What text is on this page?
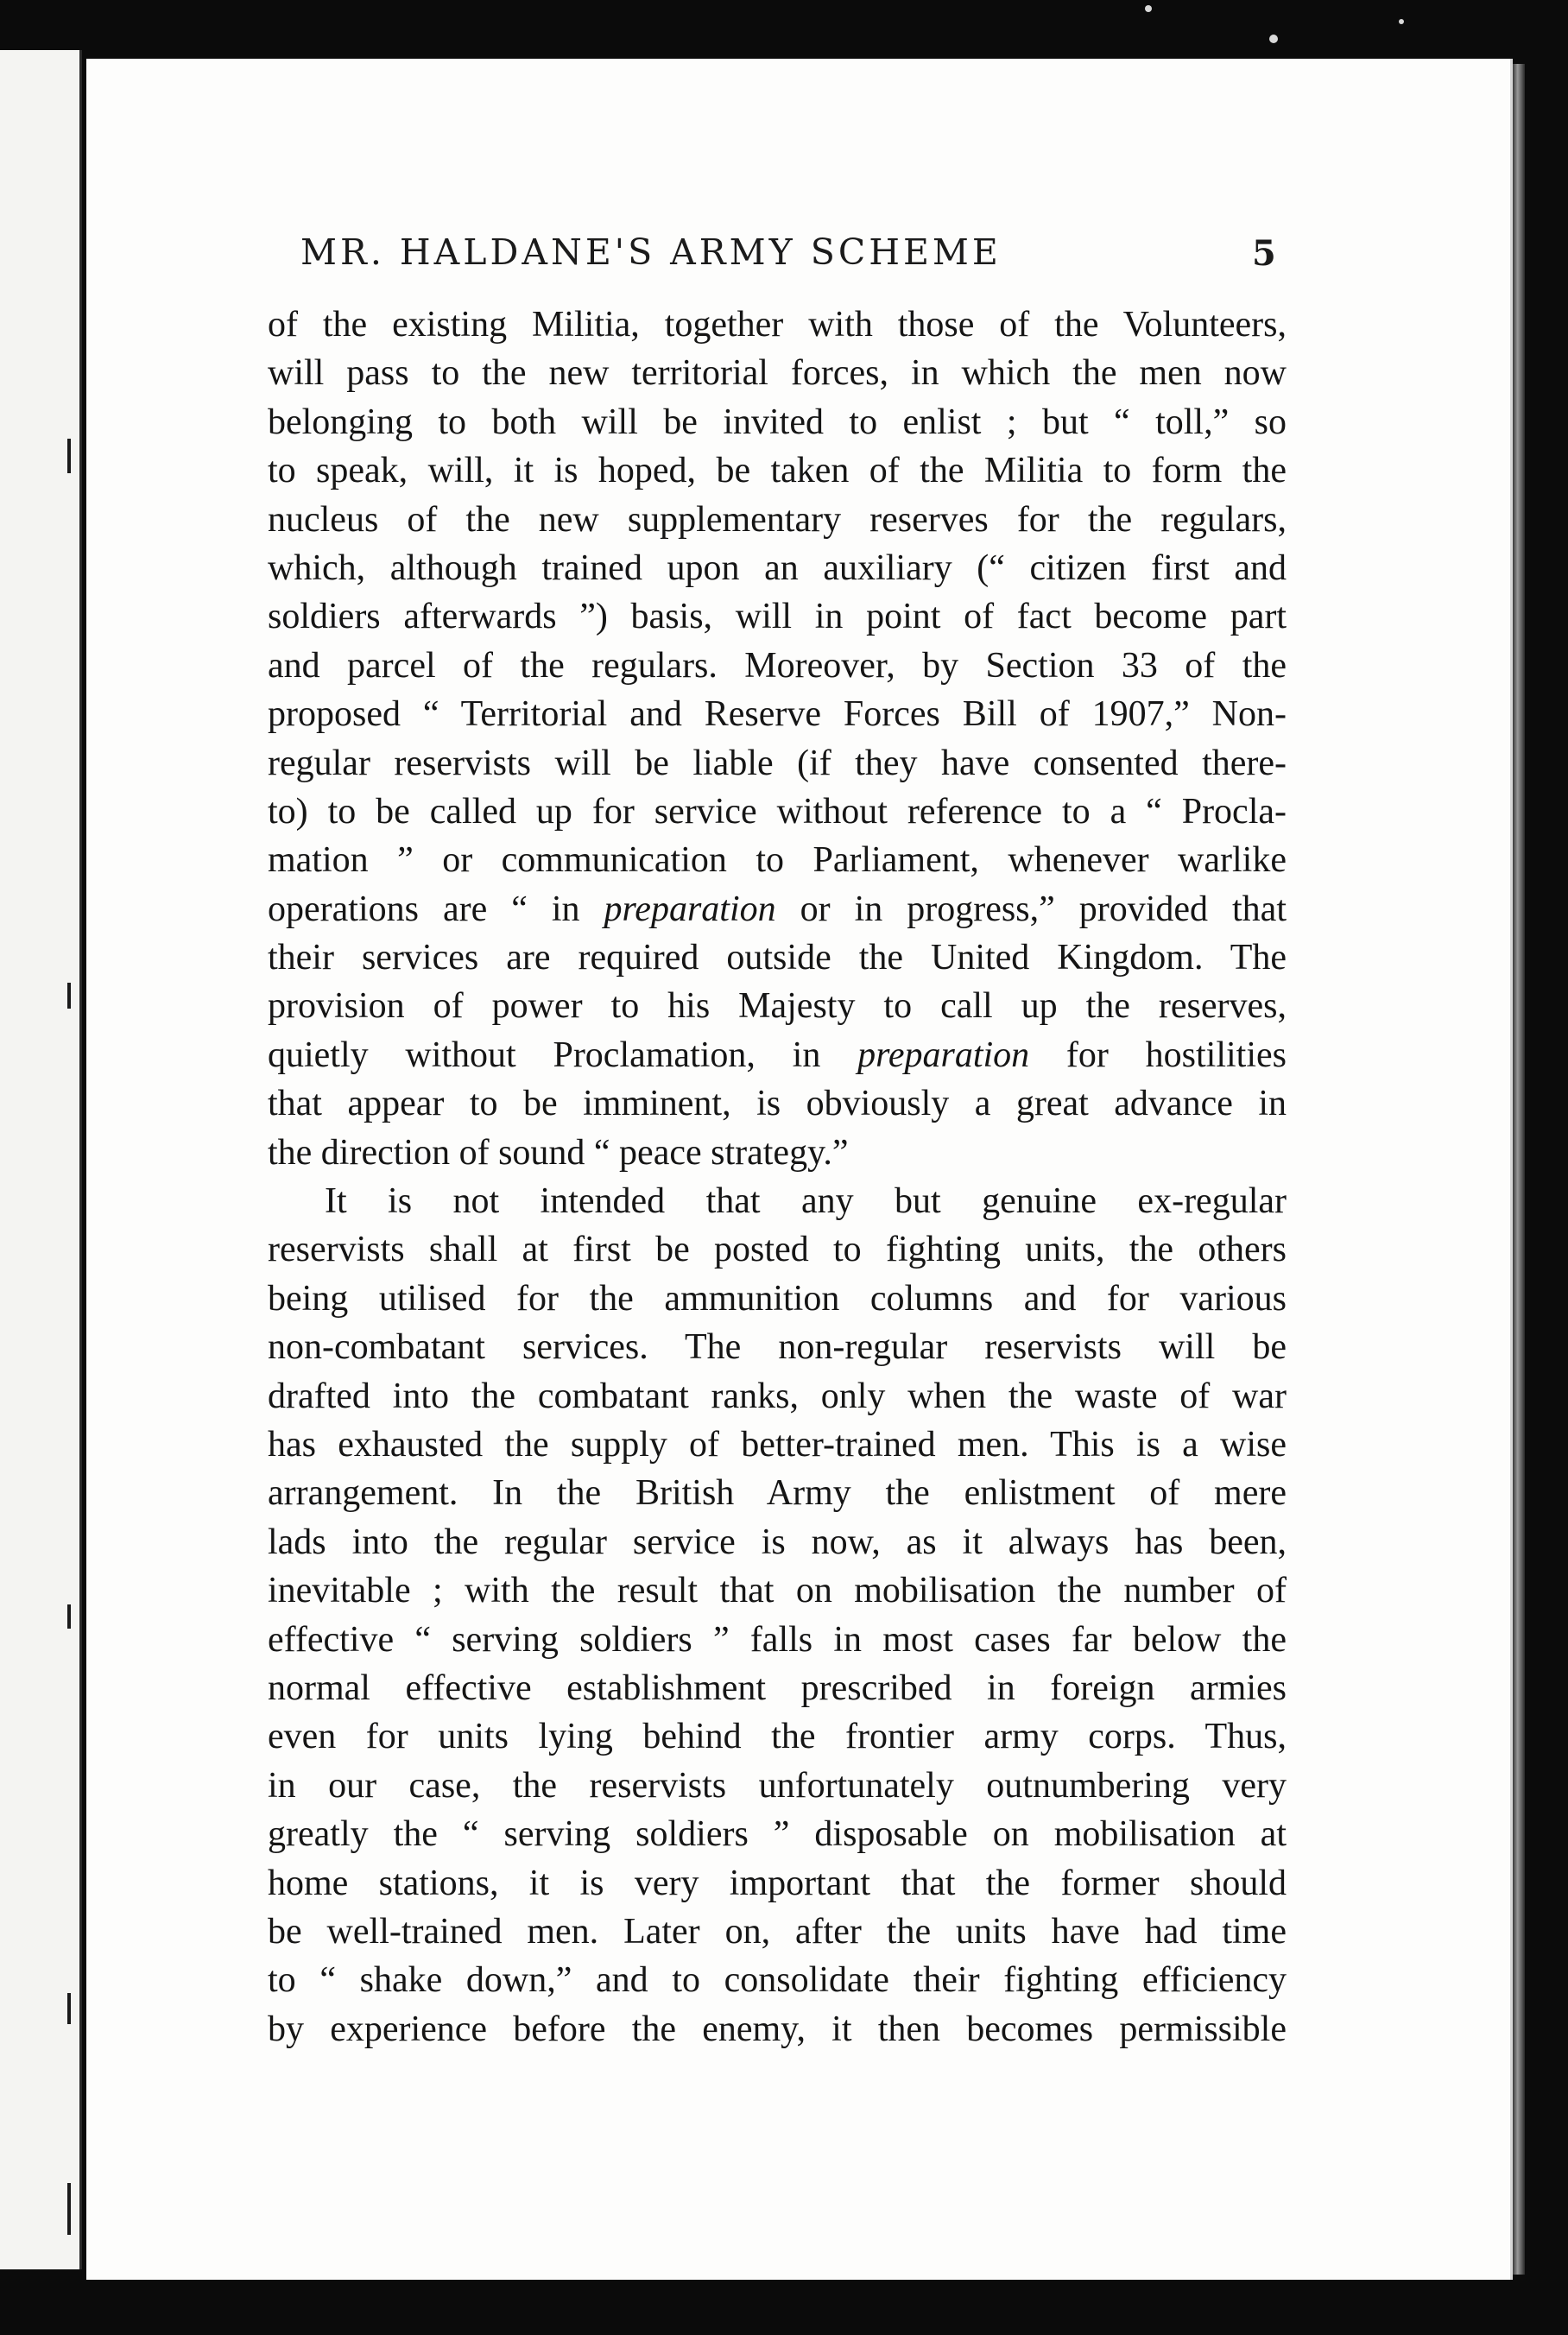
MR. HALDANE'S ARMY SCHEME	5
of the existing Militia, together with those of the Volunteers,
will pass to the new territorial forces, in which the men now
belonging to both will be invited to enlist ; but “ toll,” so
to speak, will, it is hoped, be taken of the Militia to form the
nucleus of the new supplementary reserves for the regulars,
which, although trained upon an auxiliary (“ citizen first and
soldiers afterwards ”) basis, will in point of fact become part
and parcel of the regulars. Moreover, by Section 33 of the
proposed “ Territorial and Reserve Forces Bill of 1907,” Non-
regular reservists will be liable (if they have consented there-
to) to be called up for service without reference to a “ Procla-
mation ” or communication to Parliament, whenever warlike
operations are “ in preparation or in progress,” provided that
their services are required outside the United Kingdom. The
provision of power to his Majesty to call up the reserves,
quietly without Proclamation, in preparation for hostilities
that appear to be imminent, is obviously a great advance in
the direction of sound “ peace strategy.”
It is not intended that any but genuine ex-regular
reservists shall at first be posted to fighting units, the others
being utilised for the ammunition columns and for various
non-combatant services. The non-regular reservists will be
drafted into the combatant ranks, only when the waste of war
has exhausted the supply of better-trained men. This is a wise
arrangement. In the British Army the enlistment of mere
lads into the regular service is now, as it always has been,
inevitable ; with the result that on mobilisation the number of
effective “ serving soldiers ” falls in most cases far below the
normal effective establishment prescribed in foreign armies
even for units lying behind the frontier army corps. Thus,
in our case, the reservists unfortunately outnumbering very
greatly the “ serving soldiers ” disposable on mobilisation at
home stations, it is very important that the former should
be well-trained men. Later on, after the units have had time
to “ shake down,” and to consolidate their fighting efficiency
by experience before the enemy, it then becomes permissible
